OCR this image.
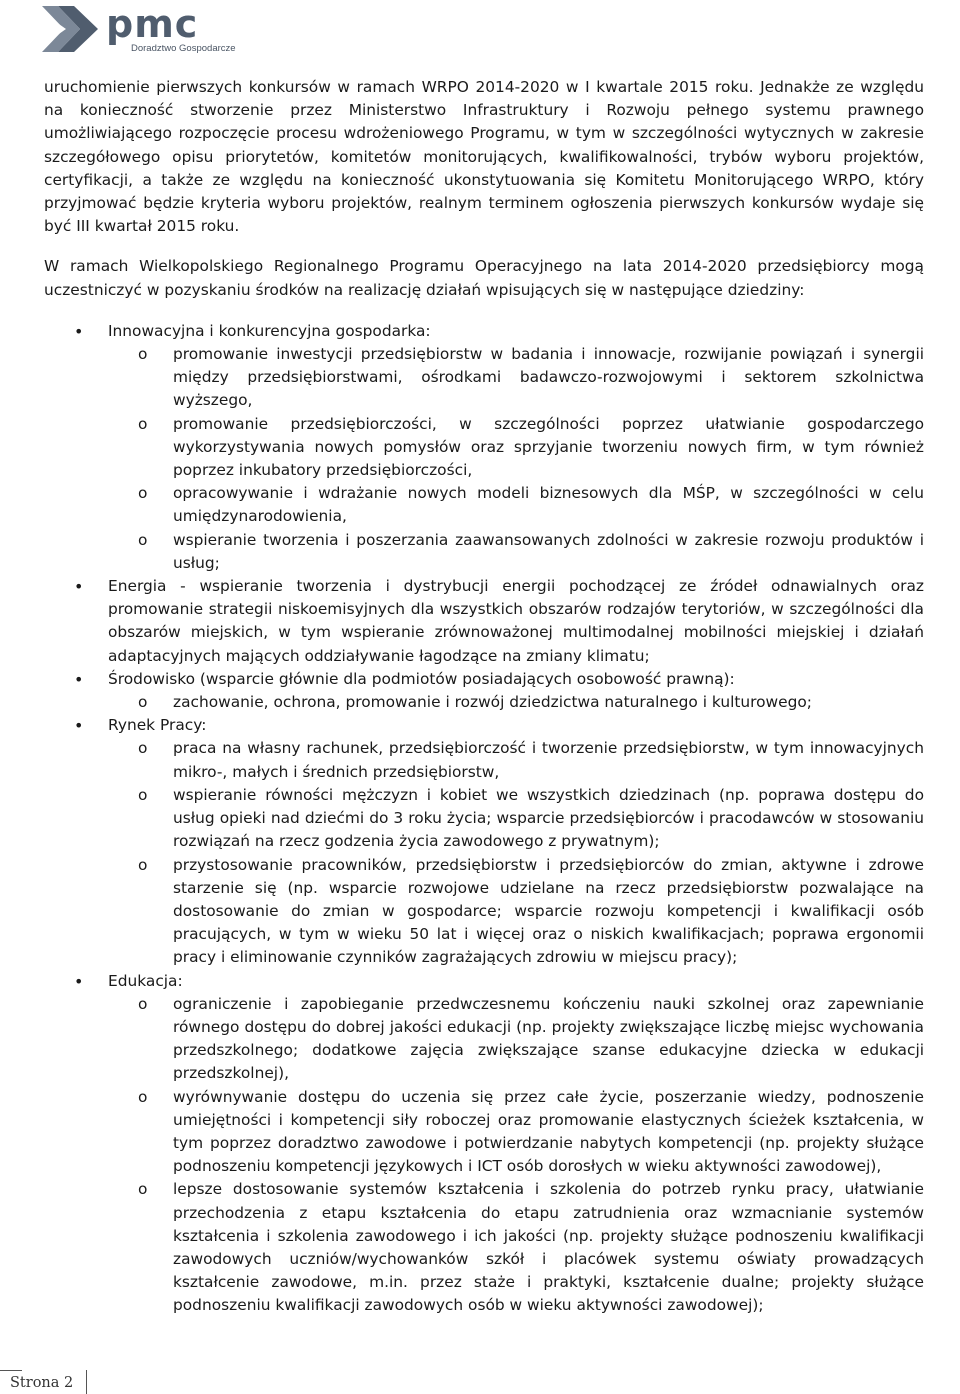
pmc
Doradztwo Gospodarcze

uruchomienie pierwszych konkursów w ramach WRPO 2014-2020 w I kwartale 2015 roku. Jednakże ze względu na konieczność stworzenie przez Ministerstwo Infrastruktury i Rozwoju pełnego systemu prawnego umożliwiającego rozpoczęcie procesu wdrożeniowego Programu, w tym w szczególności wytycznych w zakresie szczegółowego opisu priorytetów, komitetów monitorujących, kwalifikowalności, trybów wyboru projektów, certyfikacji, a także ze względu na konieczność ukonstytuowania się Komitetu Monitorującego WRPO, który przyjmować będzie kryteria wyboru projektów, realnym terminem ogłoszenia pierwszych konkursów wydaje się być III kwartał 2015 roku.

W ramach Wielkopolskiego Regionalnego Programu Operacyjnego na lata 2014-2020 przedsiębiorcy mogą uczestniczyć w pozyskaniu środków na realizację działań wpisujących się w następujące dziedziny:

• Innowacyjna i konkurencyjna gospodarka:
o promowanie inwestycji przedsiębiorstw w badania i innowacje, rozwijanie powiązań i synergii między przedsiębiorstwami, ośrodkami badawczo-rozwojowymi i sektorem szkolnictwa wyższego,
o promowanie przedsiębiorczości, w szczególności poprzez ułatwianie gospodarczego wykorzystywania nowych pomysłów oraz sprzyjanie tworzeniu nowych firm, w tym również poprzez inkubatory przedsiębiorczości,
o opracowywanie i wdrażanie nowych modeli biznesowych dla MŚP, w szczególności w celu umiędzynarodowienia,
o wspieranie tworzenia i poszerzania zaawansowanych zdolności w zakresie rozwoju produktów i usług;
• Energia - wspieranie tworzenia i dystrybucji energii pochodzącej ze źródeł odnawialnych oraz promowanie strategii niskoemisyjnych dla wszystkich obszarów rodzajów terytoriów, w szczególności dla obszarów miejskich, w tym wspieranie zrównoważonej multimodalnej mobilności miejskiej i działań adaptacyjnych mających oddziaływanie łagodzące na zmiany klimatu;
• Środowisko (wsparcie głównie dla podmiotów posiadających osobowość prawną):
o zachowanie, ochrona, promowanie i rozwój dziedzictwa naturalnego i kulturowego;
• Rynek Pracy:
o praca na własny rachunek, przedsiębiorczość i tworzenie przedsiębiorstw, w tym innowacyjnych mikro-, małych i średnich przedsiębiorstw,
o wspieranie równości mężczyzn i kobiet we wszystkich dziedzinach (np. poprawa dostępu do usług opieki nad dziećmi do 3 roku życia; wsparcie przedsiębiorców i pracodawców w stosowaniu rozwiązań na rzecz godzenia życia zawodowego z prywatnym);
o przystosowanie pracowników, przedsiębiorstw i przedsiębiorców do zmian, aktywne i zdrowe starzenie się (np. wsparcie rozwojowe udzielane na rzecz przedsiębiorstw pozwalające na dostosowanie do zmian w gospodarce; wsparcie rozwoju kompetencji i kwalifikacji osób pracujących, w tym w wieku 50 lat i więcej oraz o niskich kwalifikacjach; poprawa ergonomii pracy i eliminowanie czynników zagrażających zdrowiu w miejscu pracy);
• Edukacja:
o ograniczenie i zapobieganie przedwczesnemu kończeniu nauki szkolnej oraz zapewnianie równego dostępu do dobrej jakości edukacji (np. projekty zwiększające liczbę miejsc wychowania przedszkolnego; dodatkowe zajęcia zwiększające szanse edukacyjne dziecka w edukacji przedszkolnej),
o wyrównywanie dostępu do uczenia się przez całe życie, poszerzanie wiedzy, podnoszenie umiejętności i kompetencji siły roboczej oraz promowanie elastycznych ścieżek kształcenia, w tym poprzez doradztwo zawodowe i potwierdzanie nabytych kompetencji (np. projekty służące podnoszeniu kompetencji językowych i ICT osób dorosłych w wieku aktywności zawodowej),
o lepsze dostosowanie systemów kształcenia i szkolenia do potrzeb rynku pracy, ułatwianie przechodzenia z etapu kształcenia do etapu zatrudnienia oraz wzmacnianie systemów kształcenia i szkolenia zawodowego i ich jakości (np. projekty służące podnoszeniu kwalifikacji zawodowych uczniów/wychowanków szkół i placówek systemu oświaty prowadzących kształcenie zawodowe, m.in. przez staże i praktyki, kształcenie dualne; projekty służące podnoszeniu kwalifikacji zawodowych osób w wieku aktywności zawodowej);
Strona 2
